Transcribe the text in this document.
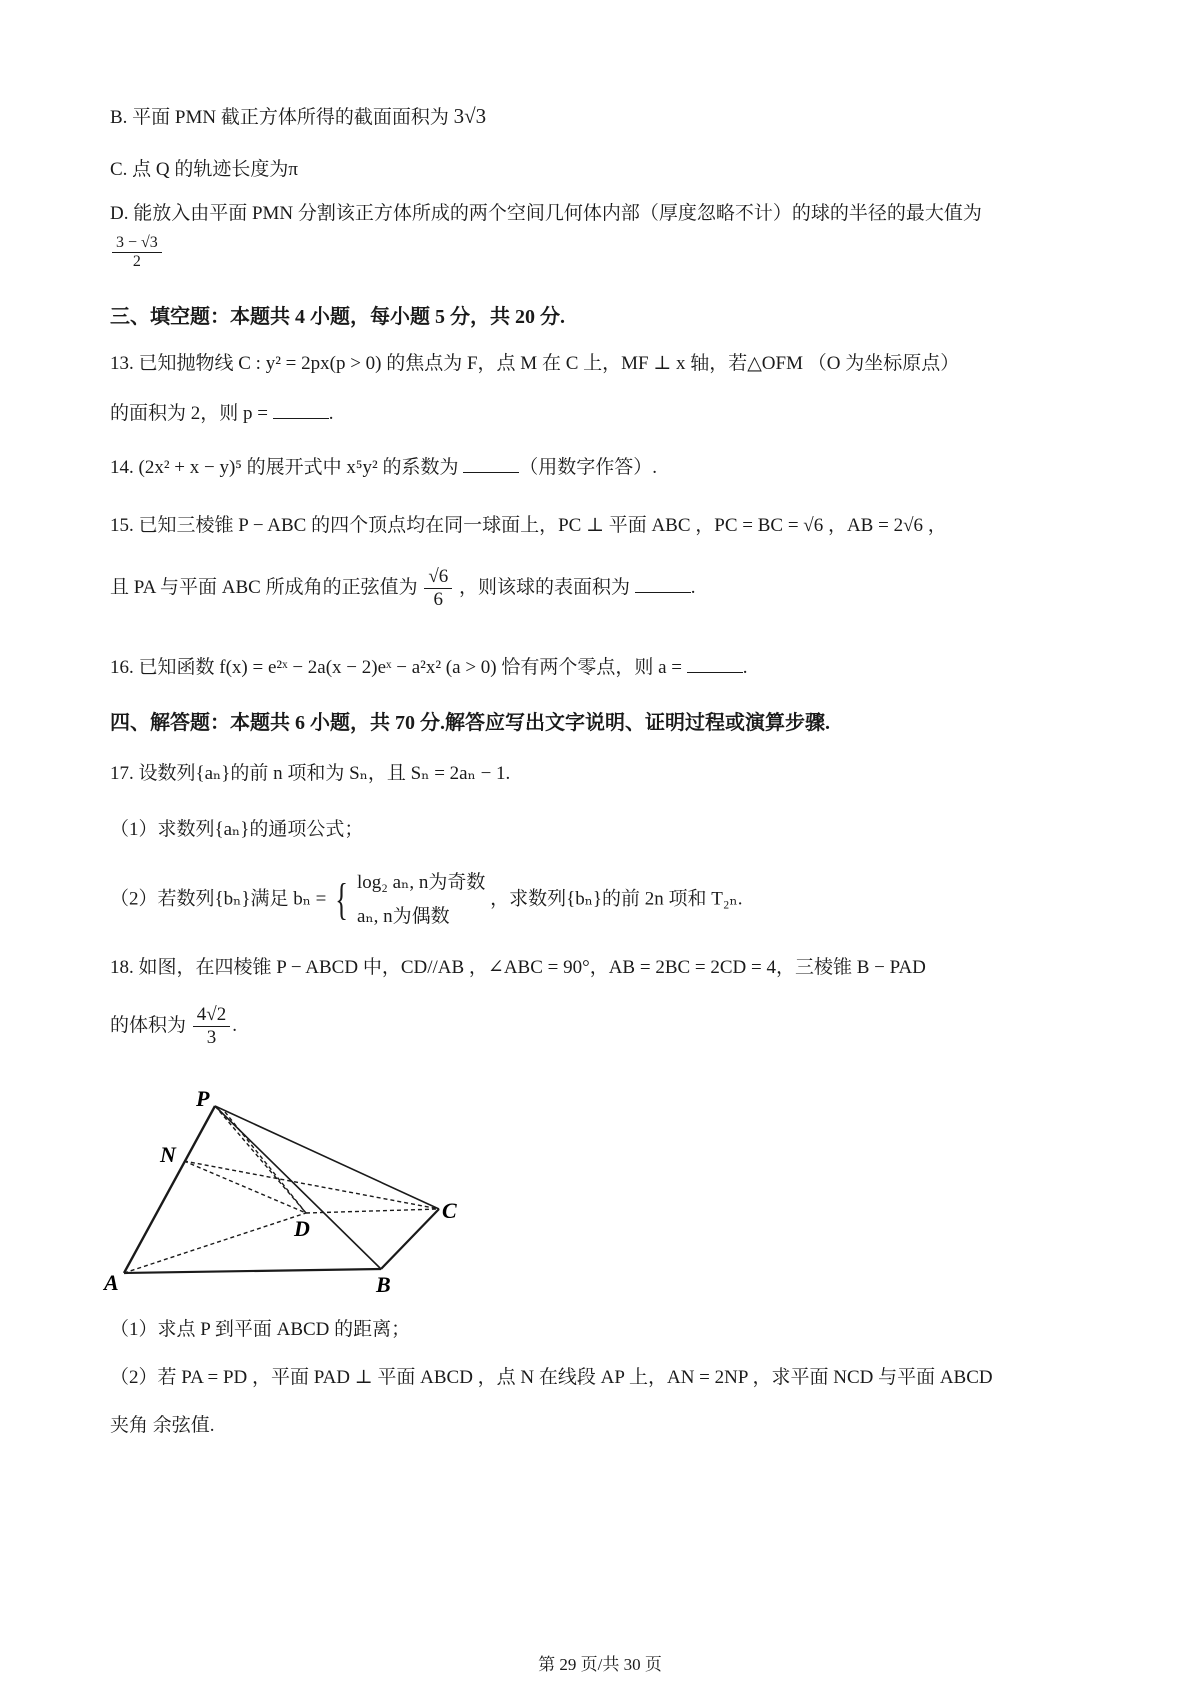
B. 平面 PMN 截正方体所得的截面面积为 3√3
C. 点 Q 的轨迹长度为π
D. 能放入由平面 PMN 分割该正方体所成的两个空间几何体内部（厚度忽略不计）的球的半径的最大值为
$\frac{3 - √3}{2}$
三、填空题：本题共 4 小题，每小题 5 分，共 20 分.
13. 已知抛物线 C : y² = 2px(p > 0) 的焦点为 F，点 M 在 C 上，MF ⊥ x 轴，若△OFM （O 为坐标原点）
的面积为 2，则 p =	.
14. (2x² + x − y)⁵ 的展开式中 x⁵y² 的系数为	（用数字作答）.
15. 已知三棱锥 P − ABC 的四个顶点均在同一球面上，PC ⊥ 平面 ABC ，PC = BC = √6 ，AB = 2√6 ，
且 PA 与平面 ABC 所成角的正弦值为 $\frac{√6}{6}$ ，则该球的表面积为	.
16. 已知函数 f(x) = e²ˣ − 2a(x − 2)eˣ − a²x² (a > 0) 恰有两个零点，则 a =	.
四、解答题：本题共 6 小题，共 70 分.解答应写出文字说明、证明过程或演算步骤.
17. 设数列{aₙ}的前 n 项和为 Sₙ，且 Sₙ = 2aₙ − 1.
（1）求数列{aₙ}的通项公式；
（2）若数列{bₙ}满足 bₙ = { log₂ aₙ, n为奇数
aₙ, n为偶数
，求数列{bₙ}的前 2n 项和 T₂ₙ.
18. 如图，在四棱锥 P − ABCD 中，CD//AB ，∠ABC = 90°，AB = 2BC = 2CD = 4，三棱锥 B − PAD
的体积为 $\frac{4√2}{3}$ .
P
N
C
D
A	B
（1）求点 P 到平面 ABCD 的距离；
（2）若 PA = PD ，平面 PAD ⊥ 平面 ABCD ，点 N 在线段 AP 上，AN = 2NP ，求平面 NCD 与平面 ABCD
夹角 余弦值.
第 29 页/共 30 页
